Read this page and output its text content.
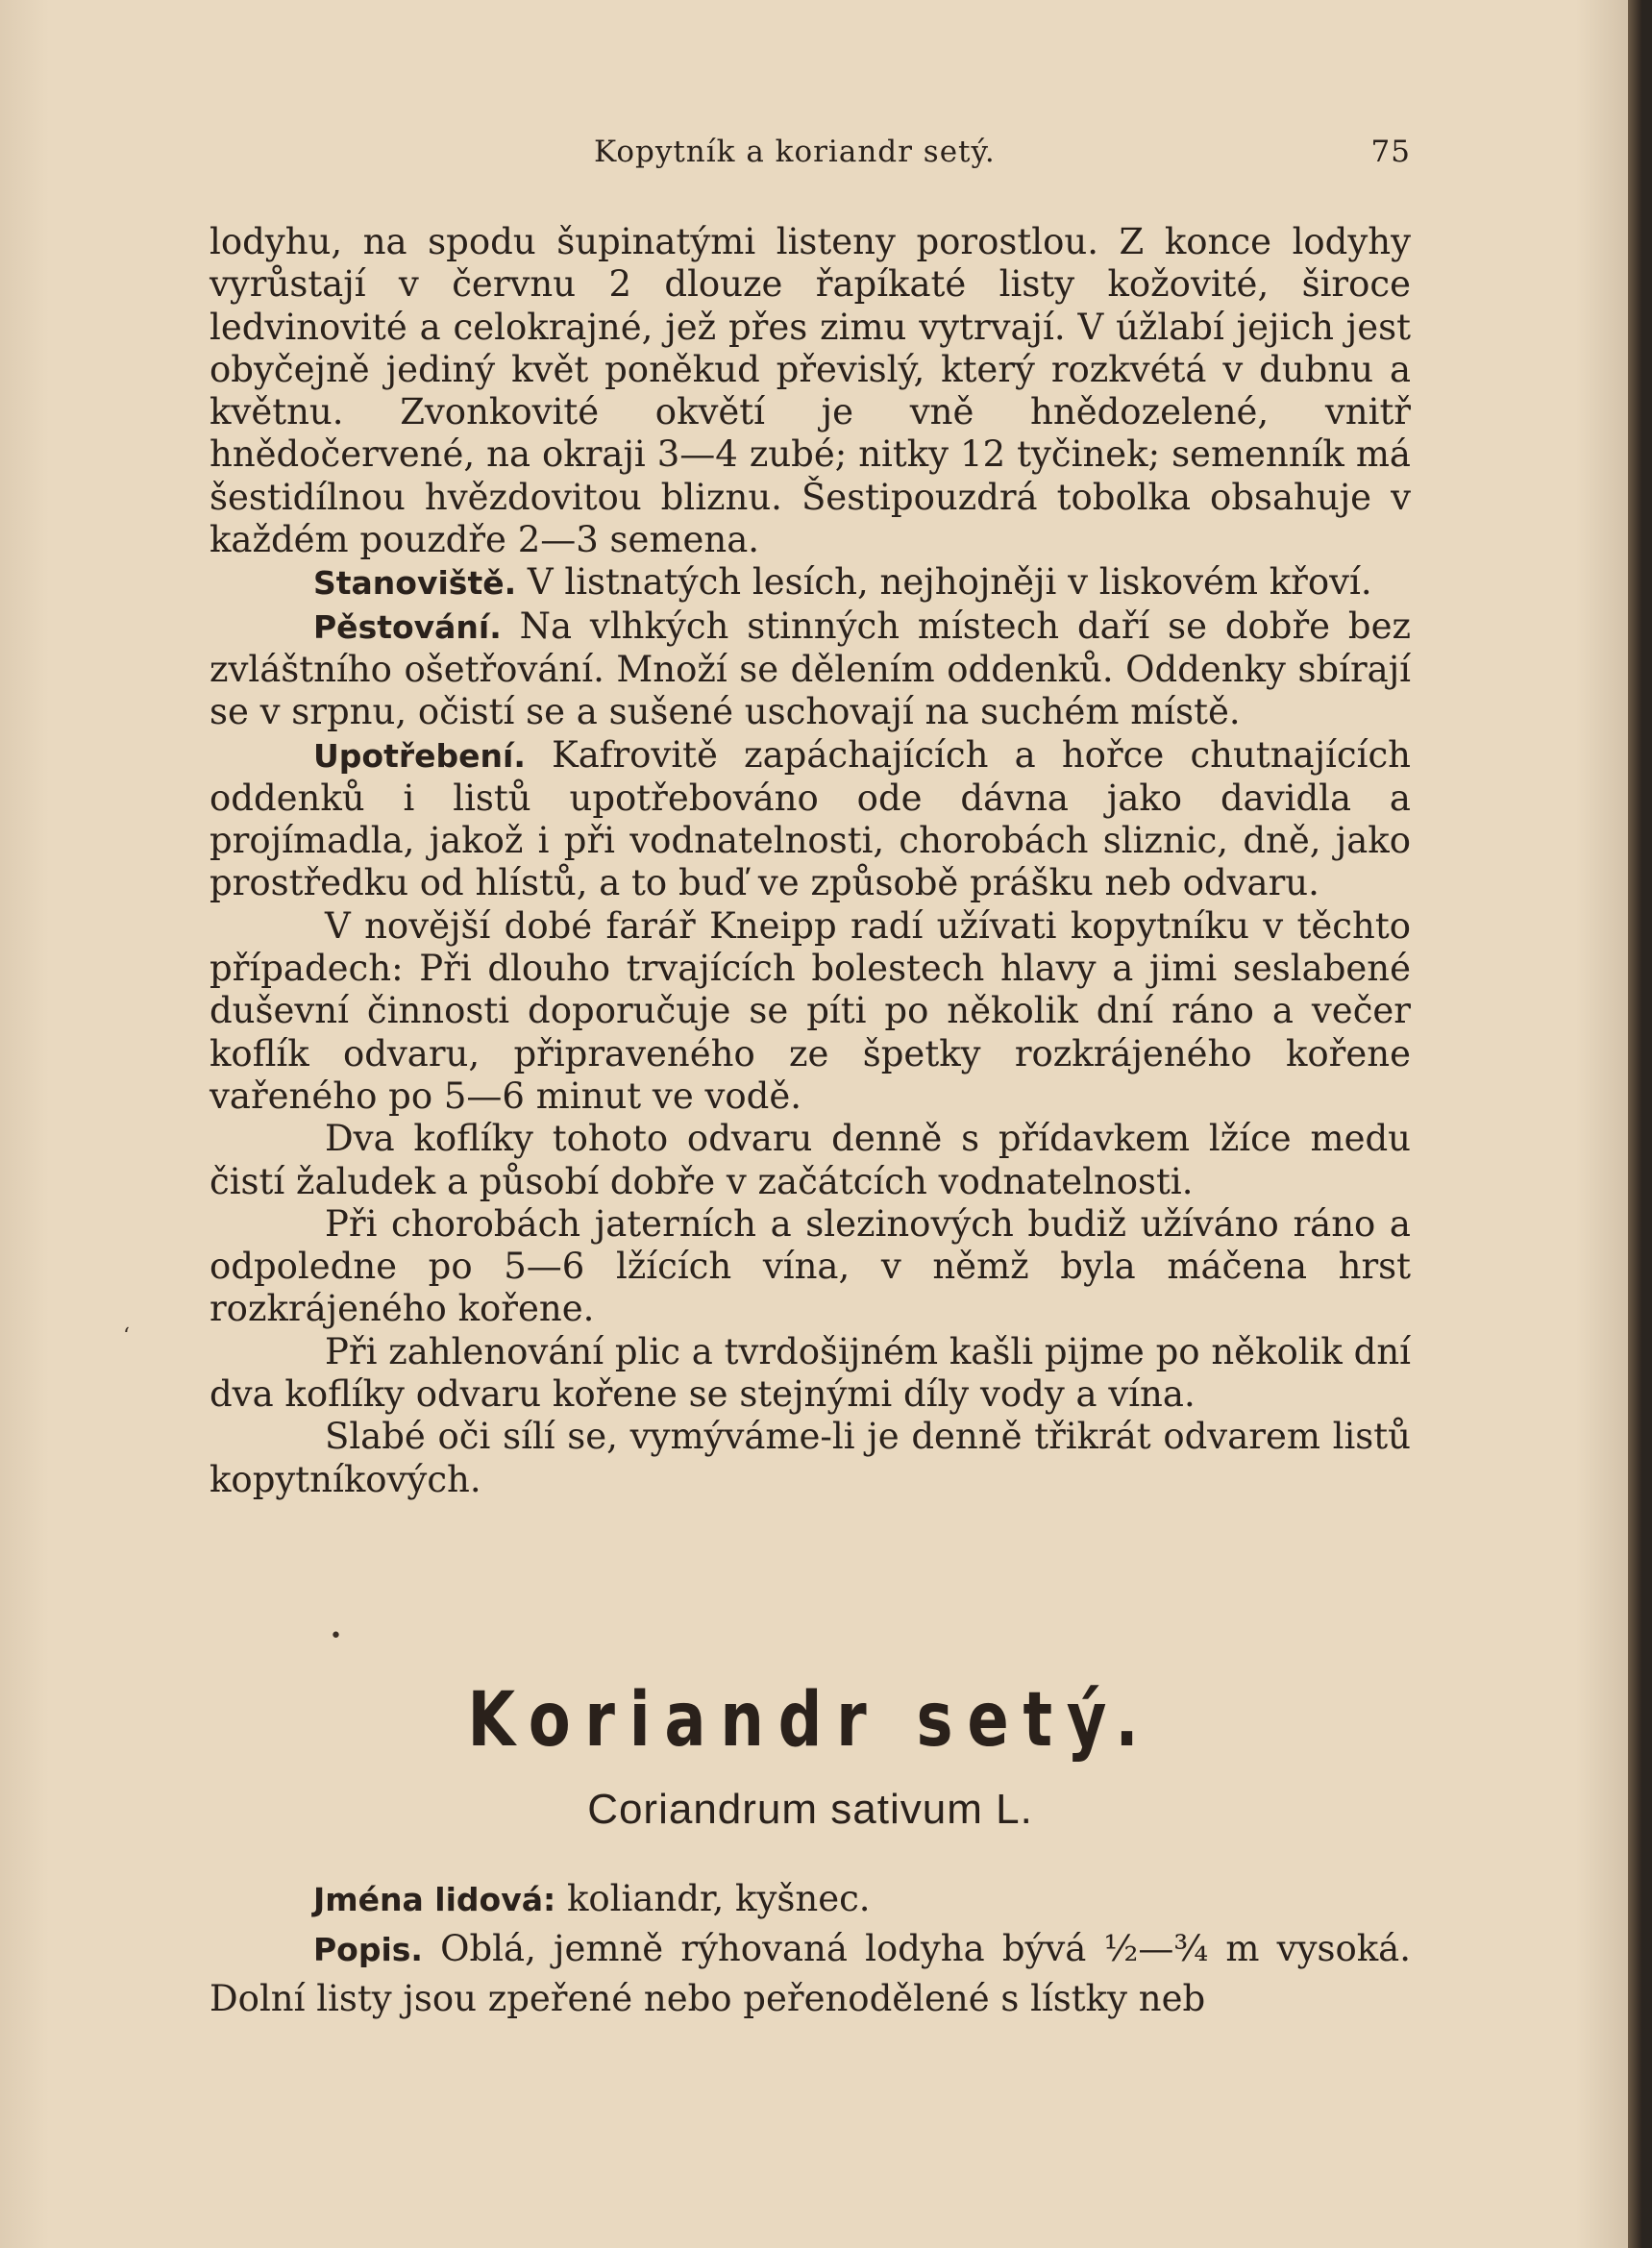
Kopytník a koriandr setý.	75

lodyhu, na spodu šupinatými listeny porostlou. Z konce lodyhy vyrůstají v červnu 2 dlouze řapíkaté listy kožovité, široce ledvinovité a celokrajné, jež přes zimu vytrvají. V úžlabí jejich jest obyčejně jediný květ poněkud převislý, který rozkvétá v dubnu a květnu. Zvonkovité okvětí je vně hnědozelené, vnitř hnědočervené, na okraji 3—4 zubé; nitky 12 tyčinek; semenník má šestidílnou hvězdovitou bliznu. Šestipouzdrá tobolka obsahuje v každém pouzdře 2—3 semena.

Stanoviště. V listnatých lesích, nejhojněji v liskovém křoví.

Pěstování. Na vlhkých stinných místech daří se dobře bez zvláštního ošetřování. Množí se dělením oddenků. Oddenky sbírají se v srpnu, očistí se a sušené uschovají na suchém místě.

Upotřebení. Kafrovitě zapáchajících a hořce chutnajících oddenků i listů upotřebováno ode dávna jako davidla a projímadla, jakož i při vodnatelnosti, chorobách sliznic, dně, jako prostředku od hlístů, a to buď ve způsobě prášku neb odvaru.

V novější dobé farář Kneipp radí užívati kopytníku v těchto případech: Při dlouho trvajících bolestech hlavy a jimi seslabené duševní činnosti doporučuje se píti po několik dní ráno a večer koflík odvaru, připraveného ze špetky rozkrájeného kořene vařeného po 5—6 minut ve vodě.

Dva koflíky tohoto odvaru denně s přídavkem lžíce medu čistí žaludek a působí dobře v začátcích vodnatelnosti.

Při chorobách jaterních a slezinových budiž užíváno ráno a odpoledne po 5—6 lžících vína, v němž byla máčena hrst rozkrájeného kořene.

Při zahlenování plic a tvrdošijném kašli pijme po několik dní dva koflíky odvaru kořene se stejnými díly vody a vína.

Slabé oči sílí se, vymýváme-li je denně třikrát odvarem listů kopytníkových.

•
‘
Koriandr setý.
Coriandrum sativum L.

Jména lidová: koliandr, kyšnec.

Popis. Oblá, jemně rýhovaná lodyha bývá ½—¾ m vysoká. Dolní listy jsou zpeřené nebo peřenodělené s lístky neb
